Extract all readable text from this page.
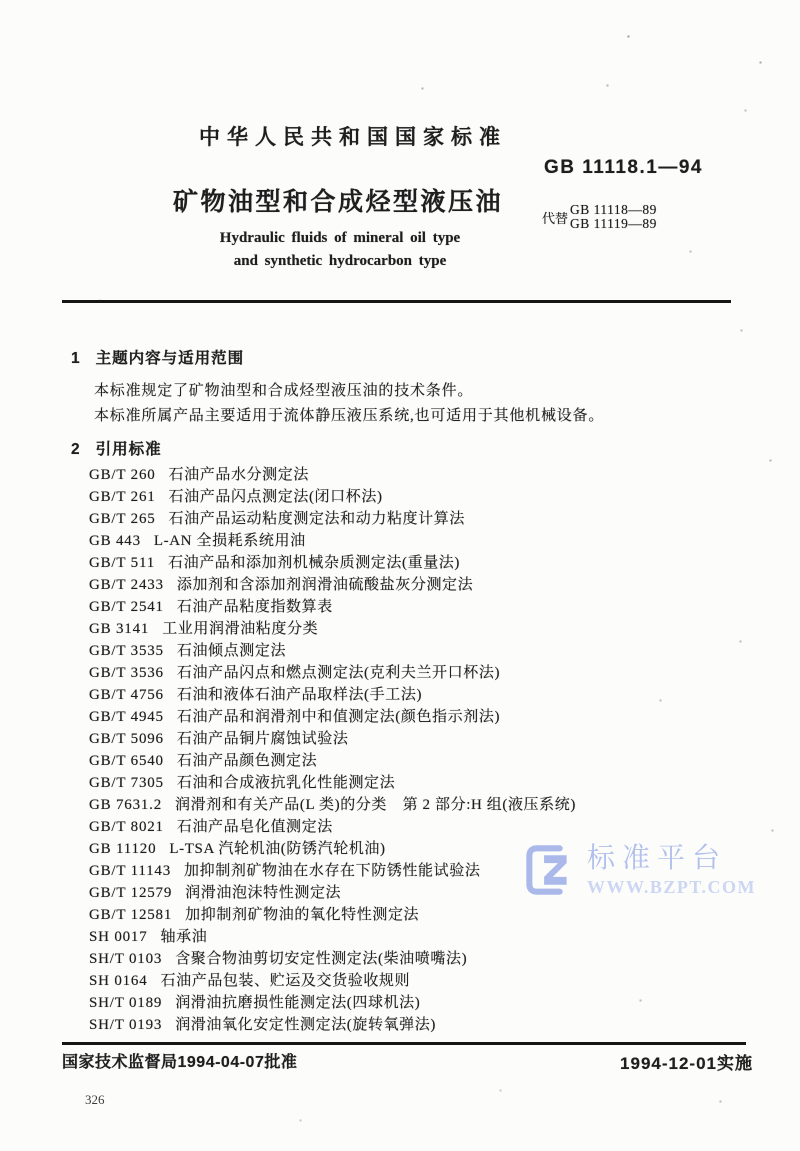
中华人民共和国国家标准
GB 11118.1—94
矿物油型和合成烃型液压油
代替
GB 11118—89
GB 11119—89
Hydraulic fluids of mineral oil type
and synthetic hydrocarbon type
1 主题内容与适用范围
本标准规定了矿物油型和合成烃型液压油的技术条件。
本标准所属产品主要适用于流体静压液压系统,也可适用于其他机械设备。
2 引用标准
GB/T 260 石油产品水分测定法
GB/T 261 石油产品闪点测定法(闭口杯法)
GB/T 265 石油产品运动粘度测定法和动力粘度计算法
GB 443 L-AN 全损耗系统用油
GB/T 511 石油产品和添加剂机械杂质测定法(重量法)
GB/T 2433 添加剂和含添加剂润滑油硫酸盐灰分测定法
GB/T 2541 石油产品粘度指数算表
GB 3141 工业用润滑油粘度分类
GB/T 3535 石油倾点测定法
GB/T 3536 石油产品闪点和燃点测定法(克利夫兰开口杯法)
GB/T 4756 石油和液体石油产品取样法(手工法)
GB/T 4945 石油产品和润滑剂中和值测定法(颜色指示剂法)
GB/T 5096 石油产品铜片腐蚀试验法
GB/T 6540 石油产品颜色测定法
GB/T 7305 石油和合成液抗乳化性能测定法
GB 7631.2 润滑剂和有关产品(L 类)的分类　第 2 部分:H 组(液压系统)
GB/T 8021 石油产品皂化值测定法
GB 11120 L-TSA 汽轮机油(防锈汽轮机油)
GB/T 11143 加抑制剂矿物油在水存在下防锈性能试验法
GB/T 12579 润滑油泡沫特性测定法
GB/T 12581 加抑制剂矿物油的氧化特性测定法
SH 0017 轴承油
SH/T 0103 含聚合物油剪切安定性测定法(柴油喷嘴法)
SH 0164 石油产品包装、贮运及交货验收规则
SH/T 0189 润滑油抗磨损性能测定法(四球机法)
SH/T 0193 润滑油氧化安定性测定法(旋转氧弹法)
标准平台
WWW.BZPT.COM
国家技术监督局1994-04-07批准	1994-12-01实施
326
